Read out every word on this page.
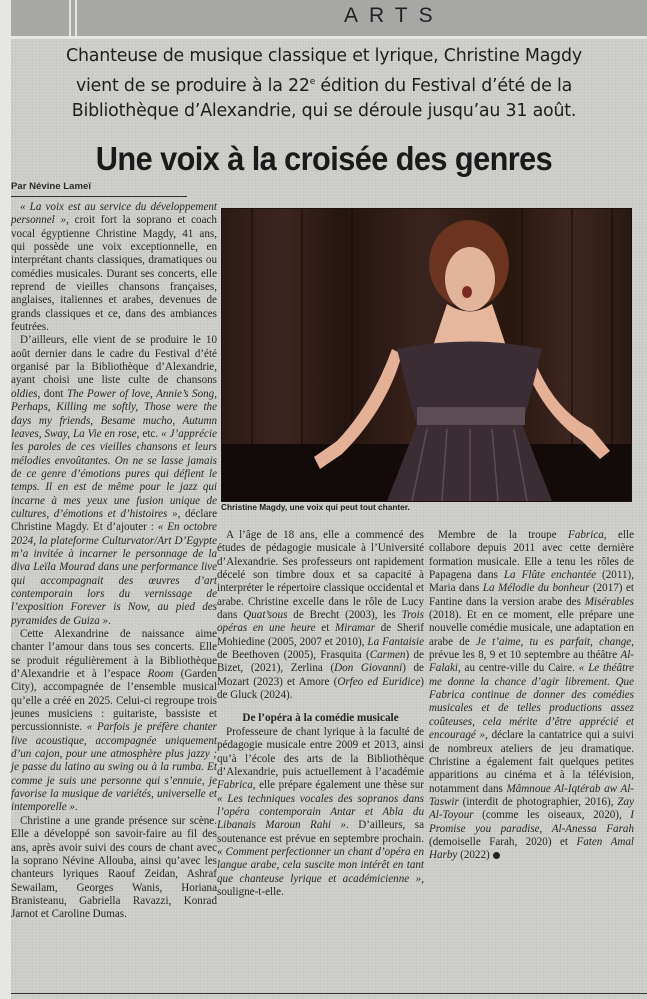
ARTS
Chanteuse de musique classique et lyrique, Christine Magdy
vient de se produire à la 22e édition du Festival d’été de la
Bibliothèque d’Alexandrie, qui se déroule jusqu’au 31 août.
Une voix à la croisée des genres
Par Névine Lameï
Christine Magdy, une voix qui peut tout chanter.

« La voix est au service du développement personnel », croit fort la soprano et coach vocal égyptienne Christine Magdy, 41 ans, qui possède une voix exceptionnelle, en interprétant chants classiques, dramatiques ou comédies musicales. Durant ses concerts, elle reprend de vieilles chansons françaises, anglaises, italiennes et arabes, devenues de grands classiques et ce, dans des ambiances feutrées.

D’ailleurs, elle vient de se produire le 10 août dernier dans le cadre du Festival d’été organisé par la Bibliothèque d’Alexandrie, ayant choisi une liste culte de chansons oldies, dont The Power of love, Annie’s Song, Perhaps, Killing me softly, Those were the days my friends, Besame mucho, Autumn leaves, Sway, La Vie en rose, etc. « J’apprécie les paroles de ces vieilles chansons et leurs mélodies envoûtantes. On ne se lasse jamais de ce genre d’émotions pures qui défient le temps. Il en est de même pour le jazz qui incarne à mes yeux une fusion unique de cultures, d’émotions et d’histoires », déclare Christine Magdy. Et d’ajouter : « En octobre 2024, la plateforme Culturvator/Art D’Egypte m’a invitée à incarner le personnage de la diva Leïla Mourad dans une performance live qui accompagnait des œuvres d’art contemporain lors du vernissage de l’exposition Forever is Now, au pied des pyramides de Guiza ».

Cette Alexandrine de naissance aime chanter l’amour dans tous ses concerts. Elle se produit régulièrement à la Bibliothèque d’Alexandrie et à l’espace Room (Garden City), accompagnée de l’ensemble musical qu’elle a créé en 2025. Celui-ci regroupe trois jeunes musiciens : guitariste, bassiste et percussionniste. « Parfois je préfère chanter live acoustique, accompagnée uniquement d’un cajon, pour une atmosphère plus jazzy ; je passe du latino au swing ou à la rumba. Et comme je suis une personne qui s’ennuie, je favorise la musique de variétés, universelle et intemporelle ».

Christine a une grande présence sur scène. Elle a développé son savoir-faire au fil des ans, après avoir suivi des cours de chant avec la soprano Névine Allouba, ainsi qu’avec les chanteurs lyriques Raouf Zeidan, Ashraf Sewailam, Georges Wanis, Horiana Branisteanu, Gabriella Ravazzi, Konrad Jarnot et Caroline Dumas.

A l’âge de 18 ans, elle a commencé des études de pédagogie musicale à l’Université d’Alexandrie. Ses professeurs ont rapidement décelé son timbre doux et sa capacité à interpréter le répertoire classique occidental et arabe. Christine excelle dans le rôle de Lucy dans Quat’sous de Brecht (2003), les Trois opéras en une heure et Miramar de Sherif Mohiedine (2005, 2007 et 2010), La Fantaisie de Beethoven (2005), Frasquita (Carmen) de Bizet, (2021), Zerlina (Don Giovanni) de Mozart (2023) et Amore (Orfeo ed Euridice) de Gluck (2024).

De l’opéra à la comédie musicale

Professeure de chant lyrique à la faculté de pédagogie musicale entre 2009 et 2013, ainsi qu’à l’école des arts de la Bibliothèque d’Alexandrie, puis actuellement à l’académie Fabrica, elle prépare également une thèse sur « Les techniques vocales des sopranos dans l’opéra contemporain Antar et Abla du Libanais Maroun Rahi ». D’ailleurs, sa soutenance est prévue en septembre prochain. « Comment perfectionner un chant d’opéra en langue arabe, cela suscite mon intérêt en tant que chanteuse lyrique et académicienne », souligne-t-elle.

Membre de la troupe Fabrica, elle collabore depuis 2011 avec cette dernière formation musicale. Elle a tenu les rôles de Papagena dans La Flûte enchantée (2011), Maria dans La Mélodie du bonheur (2017) et Fantine dans la version arabe des Misérables (2018). Et en ce moment, elle prépare une nouvelle comédie musicale, une adaptation en arabe de Je t’aime, tu es parfait, change, prévue les 8, 9 et 10 septembre au théâtre Al-Falaki, au centre-ville du Caire. « Le théâtre me donne la chance d’agir librement. Que Fabrica continue de donner des comédies musicales et de telles productions assez coûteuses, cela mérite d’être apprécié et encouragé », déclare la cantatrice qui a suivi de nombreux ateliers de jeu dramatique. Christine a également fait quelques petites apparitions au cinéma et à la télévision, notamment dans Mâmnoue Al-Iqtérab aw Al-Taswir (interdit de photographier, 2016), Zay Al-Toyour (comme les oiseaux, 2020), I Promise you paradise, Al-Anessa Farah (demoiselle Farah, 2020) et Faten Amal Harby (2022)
